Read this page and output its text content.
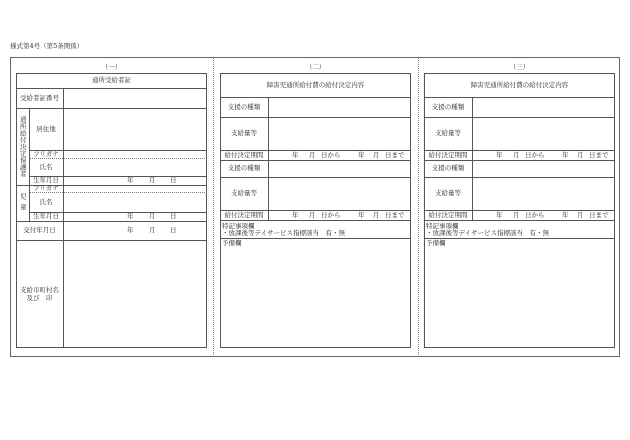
様式第4号（第5条関係）
（一）	（二）	（三）
通所受給者証
受給者証番号
通所給付決定保護者	居住地
フリガナ
氏名
生年月日	年 月 日
児童
フリガナ
氏名
生年月日	年 月 日
交付年月日	年 月 日
支給市町村名
及び　印
障害児通所給付費の給付決定内容
支援の種類
支給量等
給付決定期間	年 月 日から	年 月 日まで
支援の種類
支給量等
給付決定期間	年 月 日から	年 月 日まで
特記事項欄
・放課後等デイサービス指標該当　有・無
予備欄
障害児通所給付費の給付決定内容
支援の種類
支給量等
給付決定期間	年 月 日から	年 月 日まで
支援の種類
支給量等
給付決定期間	年 月 日から	年 月 日まで
特記事項欄
・放課後等デイサービス指標該当　有・無
予備欄
